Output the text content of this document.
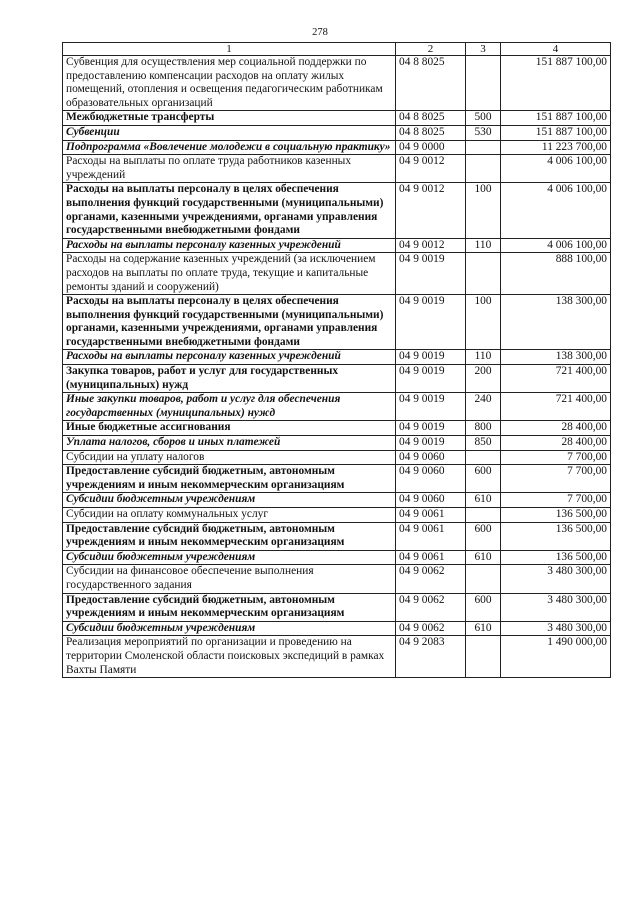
278
1	2	3	4
Субвенция для осуществления мер социальной поддержки по предоставлению компенсации расходов на оплату жилых помещений, отопления и освещения педагогическим работникам образовательных организаций	04 8 8025		151 887 100,00
Межбюджетные трансферты	04 8 8025	500	151 887 100,00
Субвенции	04 8 8025	530	151 887 100,00
Подпрограмма «Вовлечение молодежи в социальную практику»	04 9 0000		11 223 700,00
Расходы на выплаты по оплате труда работников казенных учреждений	04 9 0012		4 006 100,00
Расходы на выплаты персоналу в целях обеспечения выполнения функций государственными (муниципальными) органами, казенными учреждениями, органами управления государственными внебюджетными фондами	04 9 0012	100	4 006 100,00
Расходы на выплаты персоналу казенных учреждений	04 9 0012	110	4 006 100,00
Расходы на содержание казенных учреждений (за исключением расходов на выплаты по оплате труда, текущие и капитальные ремонты зданий и сооружений)	04 9 0019		888 100,00
Расходы на выплаты персоналу в целях обеспечения выполнения функций государственными (муниципальными) органами, казенными учреждениями, органами управления государственными внебюджетными фондами	04 9 0019	100	138 300,00
Расходы на выплаты персоналу казенных учреждений	04 9 0019	110	138 300,00
Закупка товаров, работ и услуг для государственных (муниципальных) нужд	04 9 0019	200	721 400,00
Иные закупки товаров, работ и услуг для обеспечения государственных (муниципальных) нужд	04 9 0019	240	721 400,00
Иные бюджетные ассигнования	04 9 0019	800	28 400,00
Уплата налогов, сборов и иных платежей	04 9 0019	850	28 400,00
Субсидии на уплату налогов	04 9 0060		7 700,00
Предоставление субсидий бюджетным, автономным учреждениям и иным некоммерческим организациям	04 9 0060	600	7 700,00
Субсидии бюджетным учреждениям	04 9 0060	610	7 700,00
Субсидии на оплату коммунальных услуг	04 9 0061		136 500,00
Предоставление субсидий бюджетным, автономным учреждениям и иным некоммерческим организациям	04 9 0061	600	136 500,00
Субсидии бюджетным учреждениям	04 9 0061	610	136 500,00
Субсидии на финансовое обеспечение выполнения государственного задания	04 9 0062		3 480 300,00
Предоставление субсидий бюджетным, автономным учреждениям и иным некоммерческим организациям	04 9 0062	600	3 480 300,00
Субсидии бюджетным учреждениям	04 9 0062	610	3 480 300,00
Реализация мероприятий по организации и проведению на территории Смоленской области поисковых экспедиций в рамках Вахты Памяти	04 9 2083		1 490 000,00
